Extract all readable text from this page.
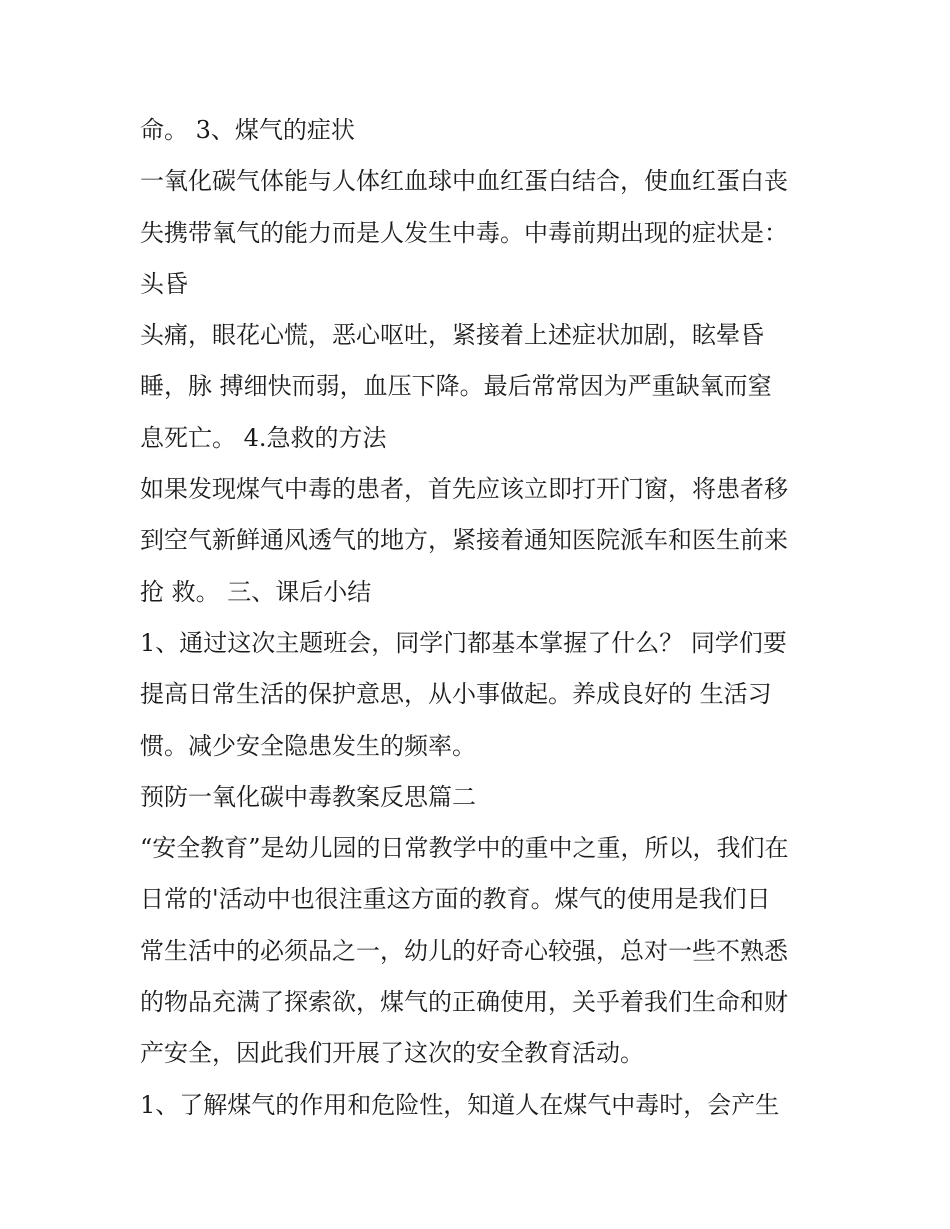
命。 3、煤气的症状
一氧化碳气体能与人体红血球中血红蛋白结合，使血红蛋白丧
失携带氧气的能力而是人发生中毒。中毒前期出现的症状是：
头昏
头痛，眼花心慌，恶心呕吐，紧接着上述症状加剧，眩晕昏
睡，脉 搏细快而弱，血压下降。最后常常因为严重缺氧而窒
息死亡。 4.急救的方法
如果发现煤气中毒的患者，首先应该立即打开门窗，将患者移
到空气新鲜通风透气的地方，紧接着通知医院派车和医生前来
抢 救。 三、课后小结
1、通过这次主题班会，同学门都基本掌握了什么？ 同学们要
提高日常生活的保护意思，从小事做起。养成良好的 生活习
惯。减少安全隐患发生的频率。
预防一氧化碳中毒教案反思篇二
“安全教育”是幼儿园的日常教学中的重中之重，所以，我们在
日常的'活动中也很注重这方面的教育。煤气的使用是我们日
常生活中的必须品之一，幼儿的好奇心较强，总对一些不熟悉
的物品充满了探索欲，煤气的正确使用，关乎着我们生命和财
产安全，因此我们开展了这次的安全教育活动。
1、了解煤气的作用和危险性，知道人在煤气中毒时，会产生
